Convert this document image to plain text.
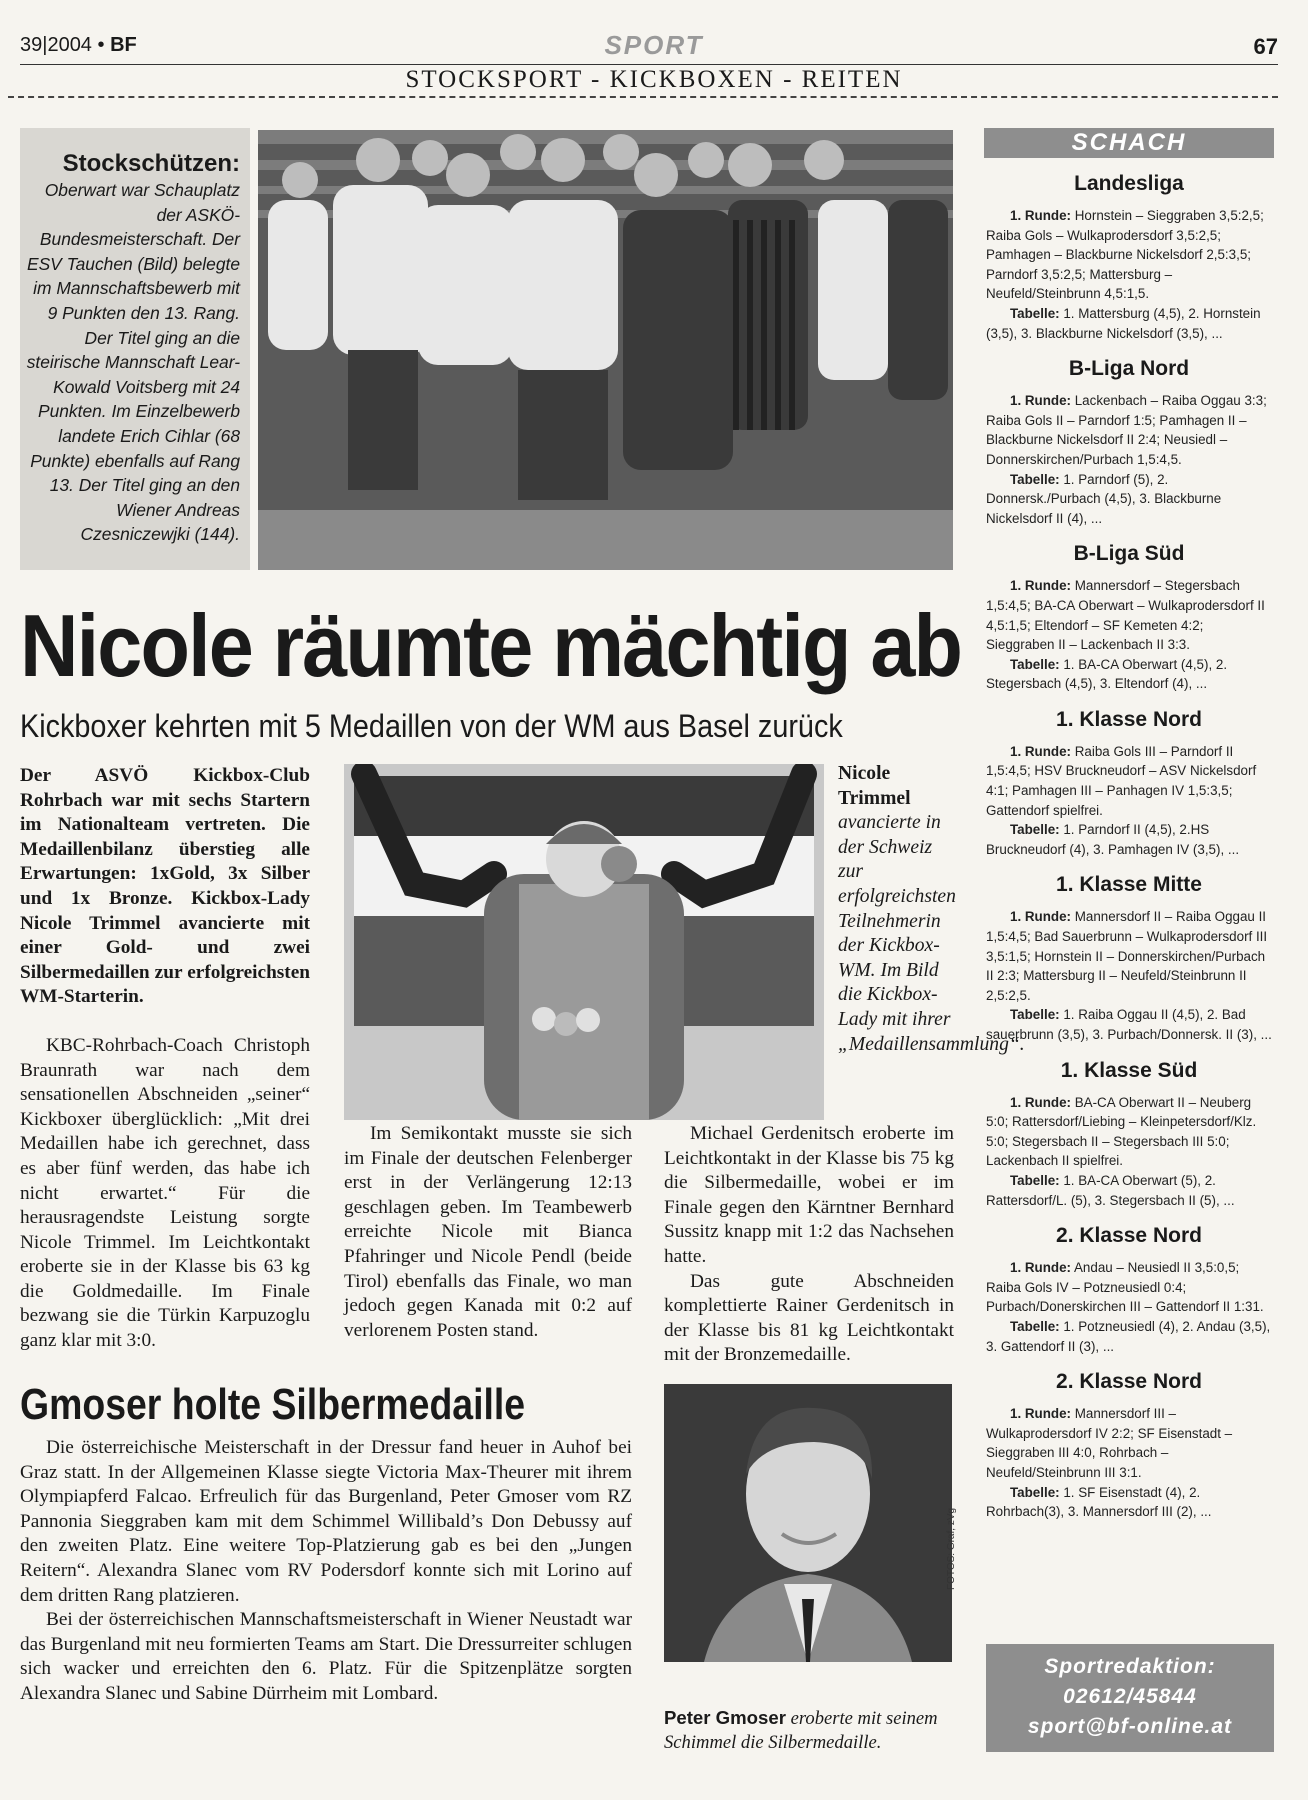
39|2004 • BF	SPORT	67
STOCKSPORT - KICKBOXEN - REITEN

Stockschützen:

Oberwart war Schauplatz der ASKÖ-Bundesmeisterschaft. Der ESV Tauchen (Bild) belegte im Mannschaftsbewerb mit 9 Punkten den 13. Rang. Der Titel ging an die steirische Mannschaft Lear-Kowald Voitsberg mit 24 Punkten. Im Einzelbewerb landete Erich Cihlar (68 Punkte) ebenfalls auf Rang 13. Der Titel ging an den Wiener Andreas Czesniczewjki (144).

SCHACH
Landesliga

1. Runde: Hornstein – Sieggraben 3,5:2,5; Raiba Gols – Wulkaprodersdorf 3,5:2,5; Pamhagen – Blackburne Nickelsdorf 2,5:3,5; Parndorf 3,5:2,5; Mattersburg – Neufeld/Steinbrunn 4,5:1,5.

Tabelle: 1. Mattersburg (4,5), 2. Hornstein (3,5), 3. Blackburne Nickelsdorf (3,5), ...

B-Liga Nord

1. Runde: Lackenbach – Raiba Oggau 3:3; Raiba Gols II – Parndorf 1:5; Pamhagen II – Blackburne Nickelsdorf II 2:4; Neusiedl – Donnerskirchen/Purbach 1,5:4,5.

Tabelle: 1. Parndorf (5), 2. Donnersk./Purbach (4,5), 3. Blackburne Nickelsdorf II (4), ...

B-Liga Süd

1. Runde: Mannersdorf – Stegersbach 1,5:4,5; BA-CA Oberwart – Wulkaprodersdorf II 4,5:1,5; Eltendorf – SF Kemeten 4:2; Sieggraben II – Lackenbach II 3:3.

Tabelle: 1. BA-CA Oberwart (4,5), 2. Stegersbach (4,5), 3. Eltendorf (4), ...

1. Klasse Nord

1. Runde: Raiba Gols III – Parndorf II 1,5:4,5; HSV Bruckneudorf – ASV Nickelsdorf 4:1; Pamhagen III – Panhagen IV 1,5:3,5; Gattendorf spielfrei.

Tabelle: 1. Parndorf II (4,5), 2.HS Bruckneudorf (4), 3. Pamhagen IV (3,5), ...

1. Klasse Mitte

1. Runde: Mannersdorf II – Raiba Oggau II 1,5:4,5; Bad Sauerbrunn – Wulkaprodersdorf III 3,5:1,5; Hornstein II – Donnerskirchen/Purbach II 2:3; Mattersburg II – Neufeld/Steinbrunn II 2,5:2,5.

Tabelle: 1. Raiba Oggau II (4,5), 2. Bad sauerbrunn (3,5), 3. Purbach/Donnersk. II (3), ...

1. Klasse Süd

1. Runde: BA-CA Oberwart II – Neuberg 5:0; Rattersdorf/Liebing – Kleinpetersdorf/Klz. 5:0; Stegersbach II – Stegersbach III 5:0; Lackenbach II spielfrei.

Tabelle: 1. BA-CA Oberwart (5), 2. Rattersdorf/L. (5), 3. Stegersbach II (5), ...

2. Klasse Nord

1. Runde: Andau – Neusiedl II 3,5:0,5; Raiba Gols IV – Potzneusiedl 0:4; Purbach/Donerskirchen III – Gattendorf II 1:31.

Tabelle: 1. Potzneusiedl (4), 2. Andau (3,5), 3. Gattendorf II (3), ...

2. Klasse Nord

1. Runde: Mannersdorf III – Wulkaprodersdorf IV 2:2; SF Eisenstadt – Sieggraben III 4:0, Rohrbach – Neufeld/Steinbrunn III 3:1.

Tabelle: 1. SF Eisenstadt (4), 2. Rohrbach(3), 3. Mannersdorf III (2), ...

Sportredaktion:
02612/45844
sport@bf-online.at
Nicole räumte mächtig ab
Kickboxer kehrten mit 5 Medaillen von der WM aus Basel zurück

Der ASVÖ Kickbox-Club Rohrbach war mit sechs Startern im Nationalteam vertreten. Die Medaillenbilanz überstieg alle Erwartungen: 1xGold, 3x Silber und 1x Bronze. Kickbox-Lady Nicole Trimmel avancierte mit einer Gold- und zwei Silbermedaillen zur erfolgreichsten WM-Starterin.

KBC-Rohrbach-Coach Christoph Braunrath war nach dem sensationellen Abschneiden „seiner“ Kickboxer überglücklich: „Mit drei Medaillen habe ich gerechnet, dass es aber fünf werden, das habe ich nicht erwartet.“ Für die herausragendste Leistung sorgte Nicole Trimmel. Im Leichtkontakt eroberte sie in der Klasse bis 63 kg die Goldmedaille. Im Finale bezwang sie die Türkin Karpuzoglu ganz klar mit 3:0.

Nicole Trimmel avancierte in der Schweiz zur erfolgreichsten Teilnehmerin der Kickbox-WM. Im Bild die Kickbox-Lady mit ihrer „Medaillensammlung“.

Im Semikontakt musste sie sich im Finale der deutschen Felenberger erst in der Verlängerung 12:13 geschlagen geben. Im Teambewerb erreichte Nicole mit Bianca Pfahringer und Nicole Pendl (beide Tirol) ebenfalls das Finale, wo man jedoch gegen Kanada mit 0:2 auf verlorenem Posten stand.

Michael Gerdenitsch eroberte im Leichtkontakt in der Klasse bis 75 kg die Silbermedaille, wobei er im Finale gegen den Kärntner Bernhard Sussitz knapp mit 1:2 das Nachsehen hatte.

Das gute Abschneiden komplettierte Rainer Gerdenitsch in der Klasse bis 81 kg Leichtkontakt mit der Bronzemedaille.

Gmoser holte Silbermedaille

Die österreichische Meisterschaft in der Dressur fand heuer in Auhof bei Graz statt. In der Allgemeinen Klasse siegte Victoria Max-Theurer mit ihrem Olympiapferd Falcao. Erfreulich für das Burgenland, Peter Gmoser vom RZ Pannonia Sieggraben kam mit dem Schimmel Willibald’s Don Debussy auf den zweiten Platz. Eine weitere Top-Platzierung gab es bei den „Jungen Reitern“. Alexandra Slanec vom RV Podersdorf konnte sich mit Lorino auf dem dritten Rang platzieren.

Bei der österreichischen Mannschaftsmeisterschaft in Wiener Neustadt war das Burgenland mit neu formierten Teams am Start. Die Dressurreiter schlugen sich wacker und erreichten den 6. Platz. Für die Spitzenplätze sorgten Alexandra Slanec und Sabine Dürrheim mit Lombard.

FOTOS: Graf, zVg
Peter Gmoser eroberte mit seinem Schimmel die Silbermedaille.
